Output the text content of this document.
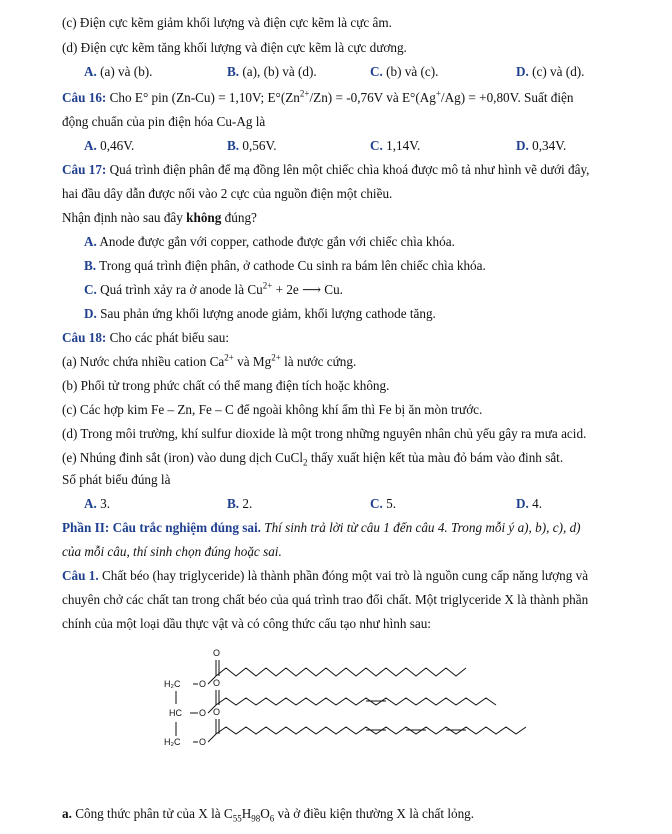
(c) Điện cực kẽm giảm khối lượng và điện cực kẽm là cực âm.
(d) Điện cực kẽm tăng khối lượng và điện cực kẽm là cực dương.
A. (a) và (b).	B. (a), (b) và (d).	C. (b) và (c).	D. (c) và (d).
Câu 16: Cho E° pin (Zn-Cu) = 1,10V; $E^\circ(Zn^{2+}/Zn) = -0,76V$ và E°(Ag+/Ag) = +0,80V. Suất điện
động chuẩn của pin điện hóa Cu-Ag là
A. 0,46V.	B. 0,56V.	C. 1,14V.	D. 0,34V.
Câu 17: Quá trình điện phân để mạ đồng lên một chiếc chìa khoá được mô tả như hình vẽ dưới đây,
hai đầu dây dẫn được nối vào 2 cực của nguồn điện một chiều.
Nhận định nào sau đây không đúng?
A. Anode được gắn với copper, cathode được gắn với chiếc chìa khóa.
B. Trong quá trình điện phân, ở cathode Cu sinh ra bám lên chiếc chìa khóa.
C. Quá trình xảy ra ở anode là $Cu^{2+} + 2e$ ⟶ Cu.
D. Sau phản ứng khối lượng anode giảm, khối lượng cathode tăng.
Câu 18: Cho các phát biểu sau:
(a) Nước chứa nhiều cation $Ca^{2+}$ và $Mg^{2+}$ là nước cứng.
(b) Phối tử trong phức chất có thể mang điện tích hoặc không.
(c) Các hợp kim Fe – Zn, Fe – C để ngoài không khí ẩm thì Fe bị ăn mòn trước.
(d) Trong môi trường, khí sulfur dioxide là một trong những nguyên nhân chủ yếu gây ra mưa acid.
(e) Nhúng đinh sắt (iron) vào dung dịch CuCl$_2$ thấy xuất hiện kết tủa màu đỏ bám vào đinh sắt.
Số phát biểu đúng là
A. 3.	B. 2.	C. 5.	D. 4.
Phần II: Câu trắc nghiệm đúng sai. Thí sinh trả lời từ câu 1 đến câu 4. Trong mỗi ý a), b), c), d)
của mỗi câu, thí sinh chọn đúng hoặc sai.
Câu 1. Chất béo (hay triglyceride) là thành phần đóng một vai trò là nguồn cung cấp năng lượng và
chuyên chở các chất tan trong chất béo của quá trình trao đổi chất. Một triglyceride X là thành phần
chính của một loại dầu thực vật và có công thức cấu tạo như hình sau:
H₂C O
O
HC O
O
H₂C O
O
a. Công thức phân tử của X là $C_{55}H_{98}O_6$ và ở điều kiện thường X là chất lỏng.
